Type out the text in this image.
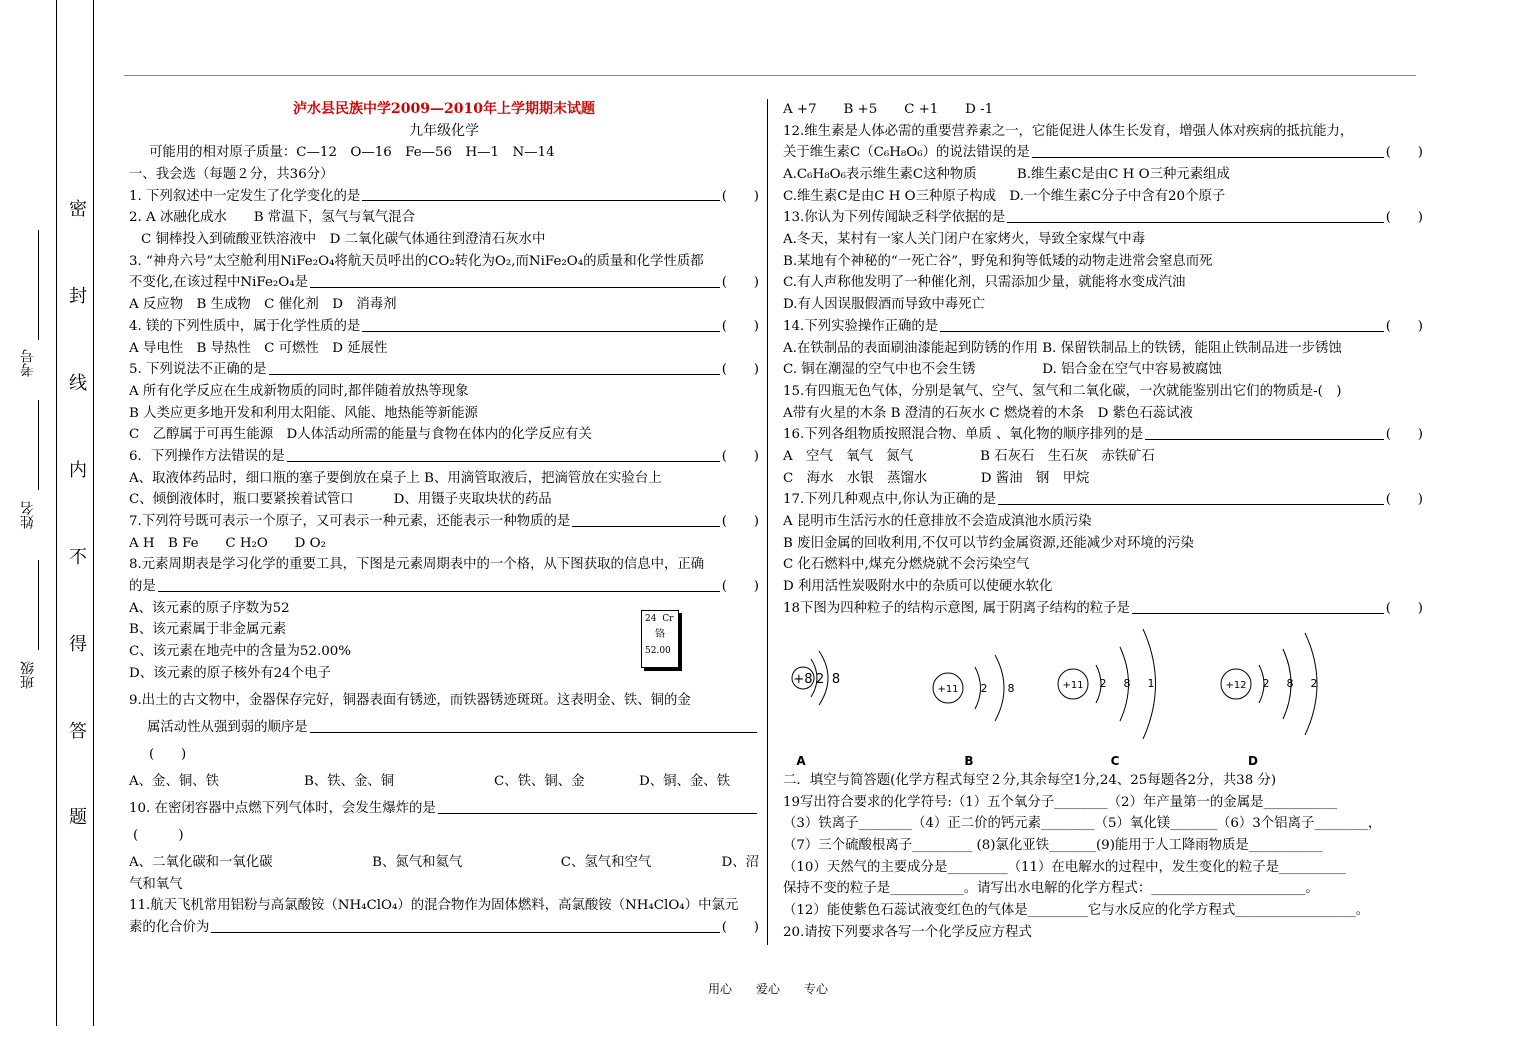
密
封
线
内
不
得
答
题
考号
姓名
班级
泸水县民族中学2009—2010年上学期期末试题
九年级化学
可能用的相对原子质量：C—12　O—16　Fe—56　H—1　N—14
一、我会选（每题２分，共36分）
1. 下列叙述中一定发生了化学变化的是	(　　)
2. A 冰融化成水　　B 常温下，氢气与氧气混合
C 铜棒投入到硫酸亚铁溶液中　D 二氧化碳气体通往到澄清石灰水中
3. “神舟六号”太空舱利用NiFe₂O₄将航天员呼出的CO₂转化为O₂,而NiFe₂O₄的质量和化学性质都
不变化,在该过程中NiFe₂O₄是	(　　)
A 反应物　B 生成物　C 催化剂　D　消毒剂
4. 镁的下列性质中，属于化学性质的是	(　　)
A 导电性　B 导热性　C 可燃性　D 延展性
5. 下列说法不正确的是	(　　)
A 所有化学反应在生成新物质的同时,都伴随着放热等现象
B 人类应更多地开发和利用太阳能、风能、地热能等新能源
C　乙醇属于可再生能源　D人体活动所需的能量与食物在体内的化学反应有关
6．下列操作方法错误的是	(　　)
A、取液体药品时，细口瓶的塞子要倒放在桌子上 B、用滴管取液后，把滴管放在实验台上
C、倾倒液体时，瓶口要紧挨着试管口　　　D、用镊子夹取块状的药品
7.下列符号既可表示一个原子，又可表示一种元素，还能表示一种物质的是	(　　)
A H　B Fe　　C H₂O　　D O₂
8.元素周期表是学习化学的重要工具，下图是元素周期表中的一个格，从下图获取的信息中，正确
的是	(　　)
A、该元素的原子序数为52
B、该元素属于非金属元素
C、该元素在地壳中的含量为52.00%
D、该元素的原子核外有24个电子
9.出土的古文物中，金器保存完好，铜器表面有锈迹，而铁器锈迹斑斑。这表明金、铁、铜的金
属活动性从强到弱的顺序是
(　　)
A、金、铜、铁	B、铁、金、铜	C、铁、铜、金	D、铜、金、铁
10. 在密闭容器中点燃下列气体时，会发生爆炸的是
(　　　)
A、二氧化碳和一氧化碳	B、氮气和氦气	C、氢气和空气	D、沼
气和氧气
11.航天飞机常用铝粉与高氯酸铵（NH₄ClO₄）的混合物作为固体燃料，高氯酸铵（NH₄ClO₄）中氯元
素的化合价为	(　　)
24 Cr
铬
52.00
A +7　　B +5　　C +1　　D -1
12.维生素是人体必需的重要营养素之一，它能促进人体生长发育，增强人体对疾病的抵抗能力，
关于维生素C（C₆H₈O₆）的说法错误的是	(　　)
A.C₆H₈O₆表示维生素C这种物质　　　B.维生素C是由C H O三种元素组成
C.维生素C是由C H O三种原子构成　D.一个维生素C分子中含有20个原子
13.你认为下列传闻缺乏科学依据的是	(　　)
A.冬天，某村有一家人关门闭户在家烤火，导致全家煤气中毒
B.某地有个神秘的“一死亡谷”，野兔和狗等低矮的动物走进常会窒息而死
C.有人声称他发明了一种催化剂，只需添加少量，就能将水变成汽油
D.有人因误服假酒而导致中毒死亡
14.下列实验操作正确的是	(　　)
A.在铁制品的表面刷油漆能起到防锈的作用 B. 保留铁制品上的铁锈，能阻止铁制品进一步锈蚀
C. 铜在潮湿的空气中也不会生锈　　　　　D. 铝合金在空气中容易被腐蚀
15.有四瓶无色气体，分别是氧气、空气、氢气和二氧化碳，一次就能鉴别出它们的物质是-(　)
A带有火星的木条 B 澄清的石灰水 C 燃烧着的木条　D 紫色石蕊试液
16.下列各组物质按照混合物、单质 、氧化物的顺序排列的是	(　　)
A　空气　氧气　氮气　　　　　B 石灰石　生石灰　赤铁矿石
C　海水　水银　蒸馏水　　　　D 酱油　钢　甲烷
17.下列几种观点中,你认为正确的是	(　　)
A 昆明市生活污水的任意排放不会造成滇池水质污染
B 废旧金属的回收利用,不仅可以节约金属资源,还能减少对环境的污染
C 化石燃料中,煤充分燃烧就不会污染空气
D 利用活性炭吸附水中的杂质可以使硬水软化
18下图为四种粒子的结构示意图, 属于阴离子结构的粒子是	(　　)
+8 2 8
A
+11 2 8
B
+11 2 8 1
C
+12 2 8 2
D
二．填空与简答题(化学方程式每空２分,其余每空1分,24、25每题各2分，共38 分)
19写出符合要求的化学符号:（1）五个氧分子________（2）年产量第一的金属是___________
（3）铁离子________（4）正二价的钙元素________（5）氧化镁_______（6）3个铝离子________，
（7）三个硫酸根离子_________ (8)氯化亚铁_______(9)能用于人工降雨物质是___________
（10）天然气的主要成分是_________（11）在电解水的过程中，发生变化的粒子是__________
保持不变的粒子是___________。请写出水电解的化学方程式：_______________________。
（12）能使紫色石蕊试液变红色的气体是_________它与水反应的化学方程式__________________。
20.请按下列要求各写一个化学反应方程式
用心　　爱心　　专心
